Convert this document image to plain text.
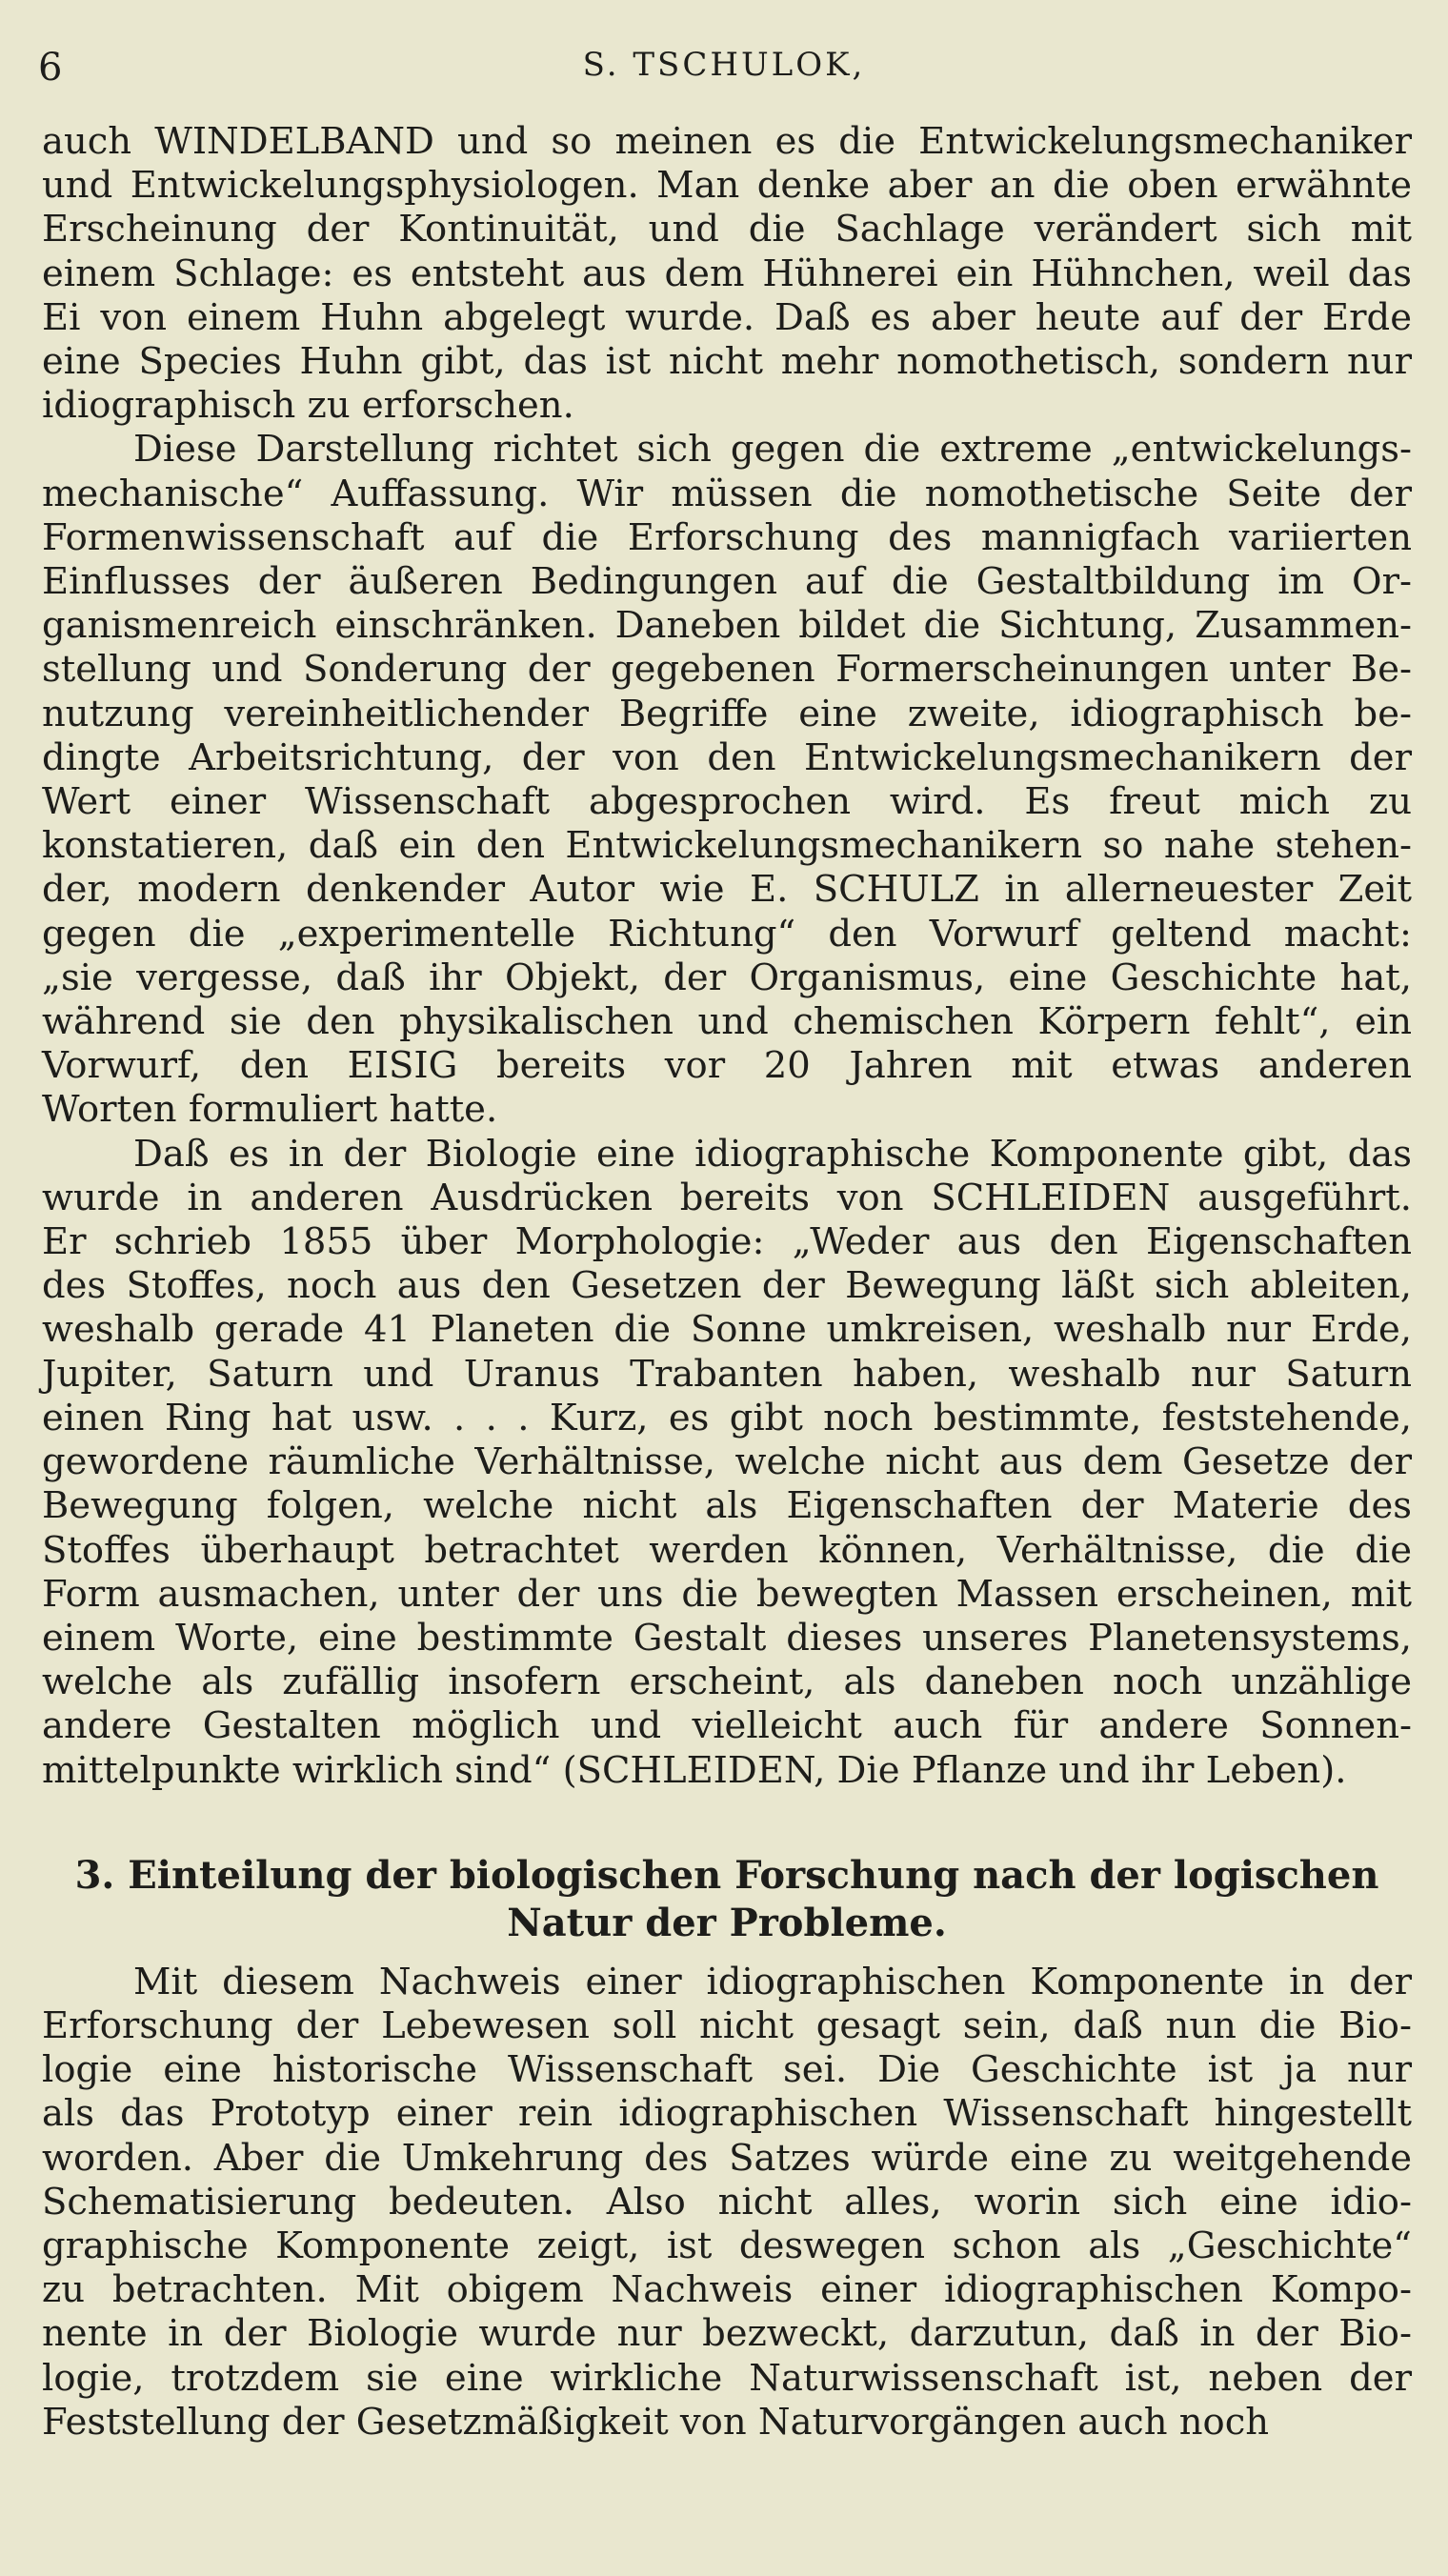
6	S. TSCHULOK,
auch WINDELBAND und so meinen es die Entwickelungsmechaniker
und Entwickelungsphysiologen. Man denke aber an die oben erwähnte
Erscheinung der Kontinuität, und die Sachlage verändert sich mit
einem Schlage: es entsteht aus dem Hühnerei ein Hühnchen, weil das
Ei von einem Huhn abgelegt wurde. Daß es aber heute auf der Erde
eine Species Huhn gibt, das ist nicht mehr nomothetisch, sondern nur
idiographisch zu erforschen.
Diese Darstellung richtet sich gegen die extreme „entwickelungs-
mechanische“ Auffassung. Wir müssen die nomothetische Seite der
Formenwissenschaft auf die Erforschung des mannigfach variierten
Einflusses der äußeren Bedingungen auf die Gestaltbildung im Or-
ganismenreich einschränken. Daneben bildet die Sichtung, Zusammen-
stellung und Sonderung der gegebenen Formerscheinungen unter Be-
nutzung vereinheitlichender Begriffe eine zweite, idiographisch be-
dingte Arbeitsrichtung, der von den Entwickelungsmechanikern der
Wert einer Wissenschaft abgesprochen wird. Es freut mich zu
konstatieren, daß ein den Entwickelungsmechanikern so nahe stehen-
der, modern denkender Autor wie E. SCHULZ in allerneuester Zeit
gegen die „experimentelle Richtung“ den Vorwurf geltend macht:
„sie vergesse, daß ihr Objekt, der Organismus, eine Geschichte hat,
während sie den physikalischen und chemischen Körpern fehlt“, ein
Vorwurf, den EISIG bereits vor 20 Jahren mit etwas anderen
Worten formuliert hatte.
Daß es in der Biologie eine idiographische Komponente gibt, das
wurde in anderen Ausdrücken bereits von SCHLEIDEN ausgeführt.
Er schrieb 1855 über Morphologie: „Weder aus den Eigenschaften
des Stoffes, noch aus den Gesetzen der Bewegung läßt sich ableiten,
weshalb gerade 41 Planeten die Sonne umkreisen, weshalb nur Erde,
Jupiter, Saturn und Uranus Trabanten haben, weshalb nur Saturn
einen Ring hat usw. . . . Kurz, es gibt noch bestimmte, feststehende,
gewordene räumliche Verhältnisse, welche nicht aus dem Gesetze der
Bewegung folgen, welche nicht als Eigenschaften der Materie des
Stoffes überhaupt betrachtet werden können, Verhältnisse, die die
Form ausmachen, unter der uns die bewegten Massen erscheinen, mit
einem Worte, eine bestimmte Gestalt dieses unseres Planetensystems,
welche als zufällig insofern erscheint, als daneben noch unzählige
andere Gestalten möglich und vielleicht auch für andere Sonnen-
mittelpunkte wirklich sind“ (SCHLEIDEN, Die Pflanze und ihr Leben).
3. Einteilung der biologischen Forschung nach der logischen
Natur der Probleme.
Mit diesem Nachweis einer idiographischen Komponente in der
Erforschung der Lebewesen soll nicht gesagt sein, daß nun die Bio-
logie eine historische Wissenschaft sei. Die Geschichte ist ja nur
als das Prototyp einer rein idiographischen Wissenschaft hingestellt
worden. Aber die Umkehrung des Satzes würde eine zu weitgehende
Schematisierung bedeuten. Also nicht alles, worin sich eine idio-
graphische Komponente zeigt, ist deswegen schon als „Geschichte“
zu betrachten. Mit obigem Nachweis einer idiographischen Kompo-
nente in der Biologie wurde nur bezweckt, darzutun, daß in der Bio-
logie, trotzdem sie eine wirkliche Naturwissenschaft ist, neben der
Feststellung der Gesetzmäßigkeit von Naturvorgängen auch noch
